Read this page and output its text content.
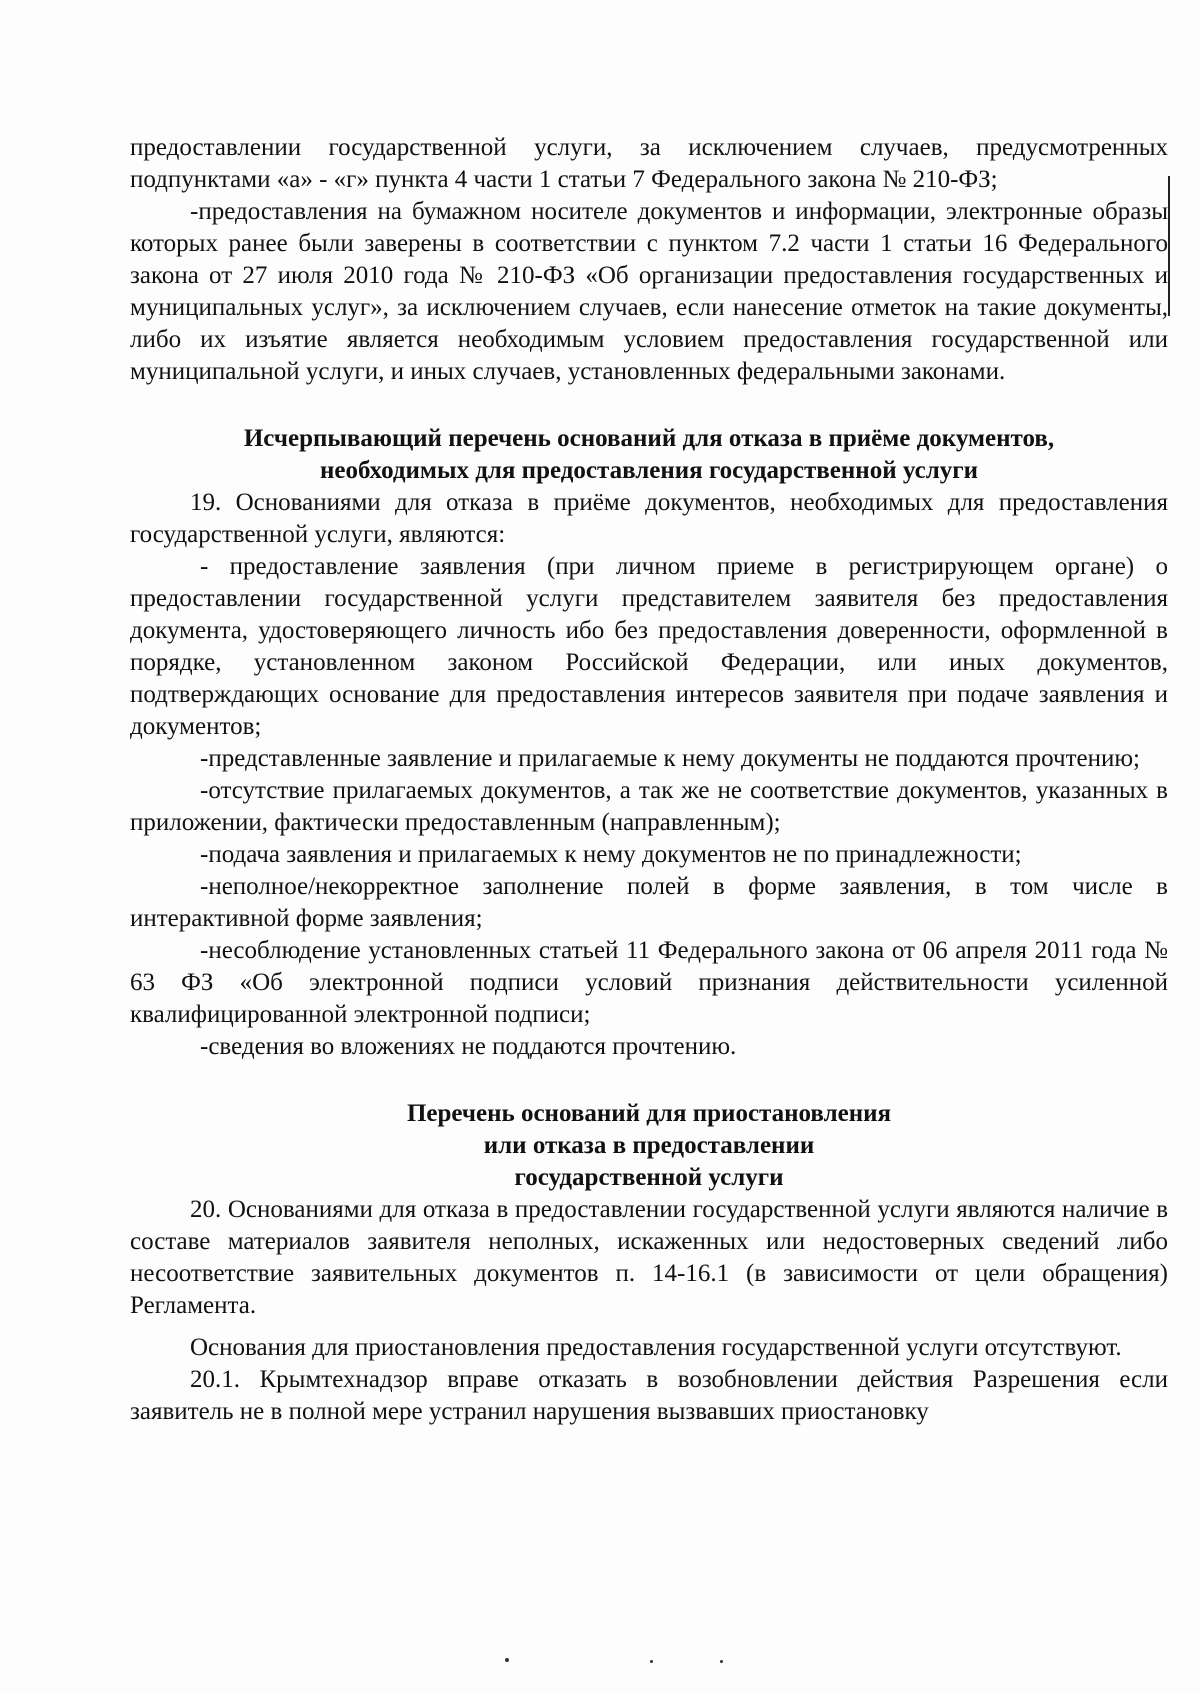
предоставлении государственной услуги, за исключением случаев, предусмотренных подпунктами «а» - «г» пункта 4 части 1 статьи 7 Федерального закона № 210-ФЗ;

-предоставления на бумажном носителе документов и информации, электронные образы которых ранее были заверены в соответствии с пунктом 7.2 части 1 статьи 16 Федерального закона от 27 июля 2010 года № 210-ФЗ «Об организации предоставления государственных и муниципальных услуг», за исключением случаев, если нанесение отметок на такие документы, либо их изъятие является необходимым условием предоставления государственной или муниципальной услуги, и иных случаев, установленных федеральными законами.

Исчерпывающий перечень оснований для отказа в приёме документов,

необходимых для предоставления государственной услуги

19. Основаниями для отказа в приёме документов, необходимых для предоставления государственной услуги, являются:

- предоставление заявления (при личном приеме в регистрирующем органе) о предоставлении государственной услуги представителем заявителя без предоставления документа, удостоверяющего личность ибо без предоставления доверенности, оформленной в порядке, установленном законом Российской Федерации, или иных документов, подтверждающих основание для предоставления интересов заявителя при подаче заявления и документов;

-представленные заявление и прилагаемые к нему документы не поддаются прочтению;

-отсутствие прилагаемых документов, а так же не соответствие документов, указанных в приложении, фактически предоставленным (направленным);

-подача заявления и прилагаемых к нему документов не по принадлежности;

-неполное/некорректное заполнение полей в форме заявления, в том числе в интерактивной форме заявления;

-несоблюдение установленных статьей 11 Федерального закона от 06 апреля 2011 года № 63 ФЗ «Об электронной подписи условий признания действительности усиленной квалифицированной электронной подписи;

-сведения во вложениях не поддаются прочтению.

Перечень оснований для приостановления

или отказа в предоставлении

государственной услуги

20. Основаниями для отказа в предоставлении государственной услуги являются наличие в составе материалов заявителя неполных, искаженных или недостоверных сведений либо несоответствие заявительных документов п. 14-16.1 (в зависимости от цели обращения) Регламента.

Основания для приостановления предоставления государственной услуги отсутствуют.

20.1. Крымтехнадзор вправе отказать в возобновлении действия Разрешения если заявитель не в полной мере устранил нарушения вызвавших приостановку
